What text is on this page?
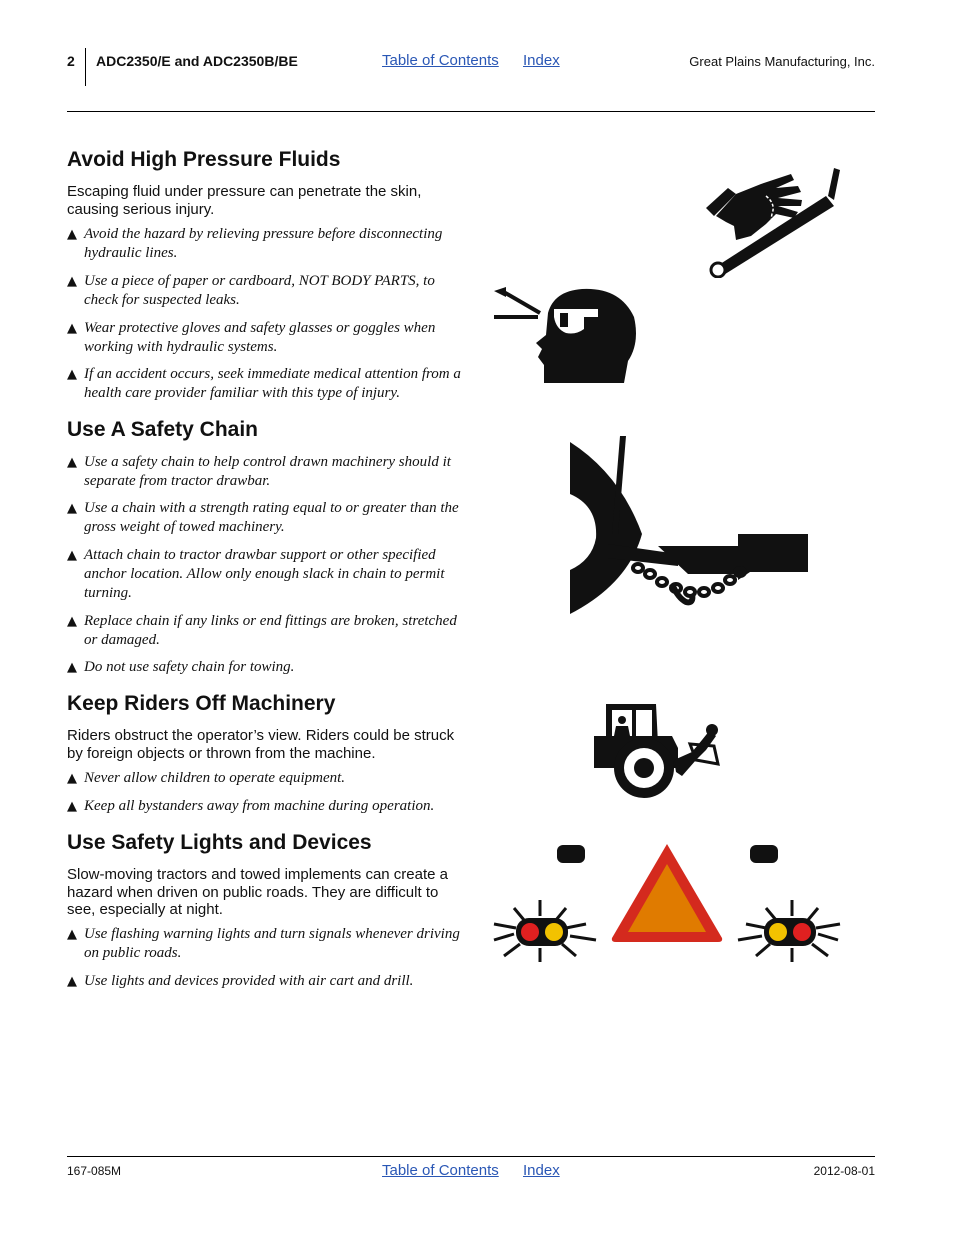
2 ADC2350/E and ADC2350B/BE	Table of Contents Index	Great Plains Manufacturing, Inc.
Avoid High Pressure Fluids

Escaping fluid under pressure can penetrate the skin, causing serious injury.

▲ Avoid the hazard by relieving pressure before disconnecting hydraulic lines.
▲ Use a piece of paper or cardboard, NOT BODY PARTS, to check for suspected leaks.
▲ Wear protective gloves and safety glasses or goggles when working with hydraulic systems.
▲ If an accident occurs, seek immediate medical attention from a health care provider familiar with this type of injury.
Use A Safety Chain
▲ Use a safety chain to help control drawn machinery should it separate from tractor drawbar.
▲ Use a chain with a strength rating equal to or greater than the gross weight of towed machinery.
▲ Attach chain to tractor drawbar support or other specified anchor location. Allow only enough slack in chain to permit turning.
▲ Replace chain if any links or end fittings are broken, stretched or damaged.
▲ Do not use safety chain for towing.
Keep Riders Off Machinery

Riders obstruct the operator’s view. Riders could be struck by foreign objects or thrown from the machine.

▲ Never allow children to operate equipment.
▲ Keep all bystanders away from machine during operation.
Use Safety Lights and Devices

Slow-moving tractors and towed implements can create a hazard when driven on public roads. They are difficult to see, especially at night.

▲ Use flashing warning lights and turn signals whenever driving on public roads.
▲ Use lights and devices provided with air cart and drill.
167-085M	Table of Contents Index	2012-08-01
